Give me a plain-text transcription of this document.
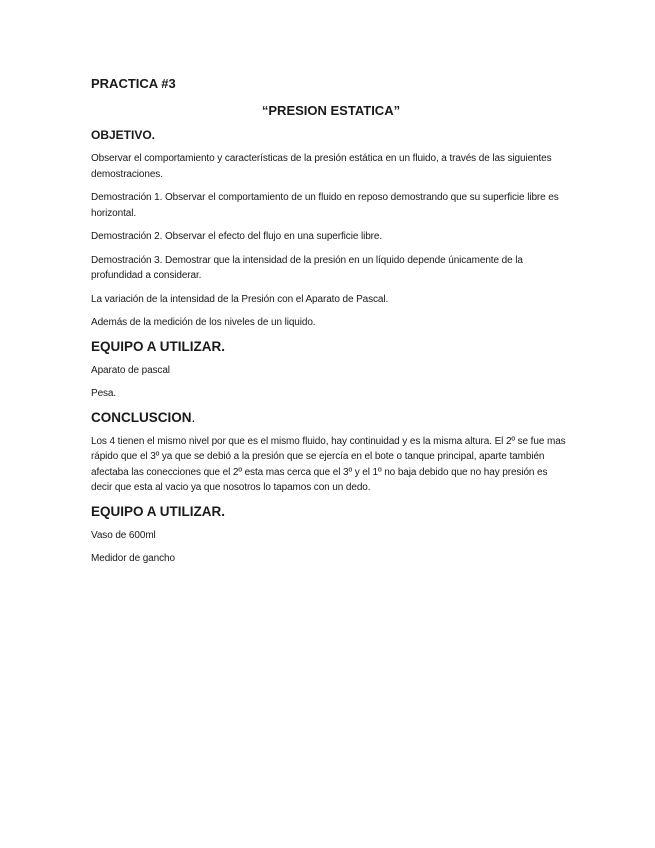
PRACTICA #3
“PRESION ESTATICA”
OBJETIVO.

Observar el comportamiento y características de la presión estática en un fluido, a través de las siguientes demostraciones.

Demostración 1. Observar el comportamiento de un fluido en reposo demostrando que su superficie libre es horizontal.

Demostración 2. Observar el efecto del flujo en una superficie libre.

Demostración 3. Demostrar que la intensidad de la presión en un líquido depende únicamente de la profundidad a considerar.

La variación de la intensidad de la Presión con el Aparato de Pascal.

Además de la medición de los niveles de un liquido.

EQUIPO A UTILIZAR.

Aparato de pascal

Pesa.

CONCLUSCION.

Los 4 tienen el mismo nivel por que es el mismo fluido, hay continuidad y es la misma altura. El 2º se fue mas rápido que el 3º ya que se debió a la presión que se ejercía en el bote o tanque principal, aparte también afectaba las conecciones que el 2º esta mas cerca que el 3º y el 1º no baja debido que no hay presión es decir que esta al vacio ya que nosotros lo tapamos con un dedo.

EQUIPO A UTILIZAR.

Vaso de 600ml

Medidor de gancho
